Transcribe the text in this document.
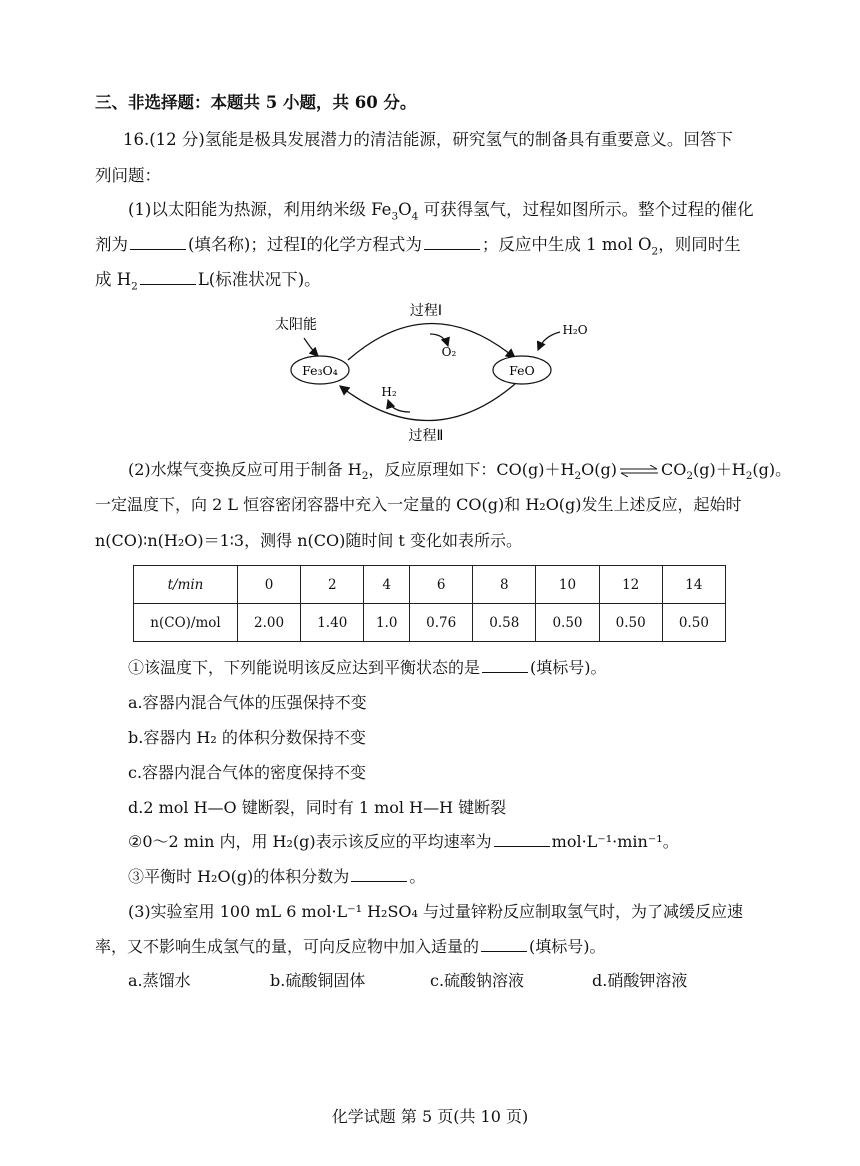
三、非选择题：本题共 5 小题，共 60 分。
16.(12 分)氢能是极具发展潜力的清洁能源，研究氢气的制备具有重要意义。回答下
列问题：
(1)以太阳能为热源，利用纳米级 $Fe_3O_4$ 可获得氢气，过程如图所示。整个过程的催化
剂为	(填名称)；过程Ⅰ的化学方程式为	；反应中生成 1 mol $O_2$，则同时生
成 $H_2$	L(标准状况下)。
Fe₃O₄	FeO
太阳能
过程Ⅰ
过程Ⅱ
O₂
H₂O
H₂
(2)水煤气变换反应可用于制备 $H_2$，反应原理如下：$CO(g)+H_2O(g)$ ⇌ $CO_2(g)+H_2(g)$。
一定温度下，向 2 L 恒容密闭容器中充入一定量的 CO(g)和 H₂O(g)发生上述反应，起始时
n(CO)∶n(H₂O)＝1∶3，测得 n(CO)随时间 t 变化如表所示。
t/min	0	2	4	6	8	10	12	14
n(CO)/mol	2.00	1.40	1.0	0.76	0.58	0.50	0.50	0.50
①该温度下，下列能说明该反应达到平衡状态的是	(填标号)。
a.容器内混合气体的压强保持不变
b.容器内 H₂ 的体积分数保持不变
c.容器内混合气体的密度保持不变
d.2 mol H—O 键断裂，同时有 1 mol H—H 键断裂
②0～2 min 内，用 H₂(g)表示该反应的平均速率为	mol·L⁻¹·min⁻¹。
③平衡时 H₂O(g)的体积分数为	。
(3)实验室用 100 mL 6 mol·L⁻¹ H₂SO₄ 与过量锌粉反应制取氢气时，为了减缓反应速
率，又不影响生成氢气的量，可向反应物中加入适量的	(填标号)。
a.蒸馏水	b.硫酸铜固体	c.硫酸钠溶液	d.硝酸钾溶液
化学试题 第 5 页(共 10 页)
